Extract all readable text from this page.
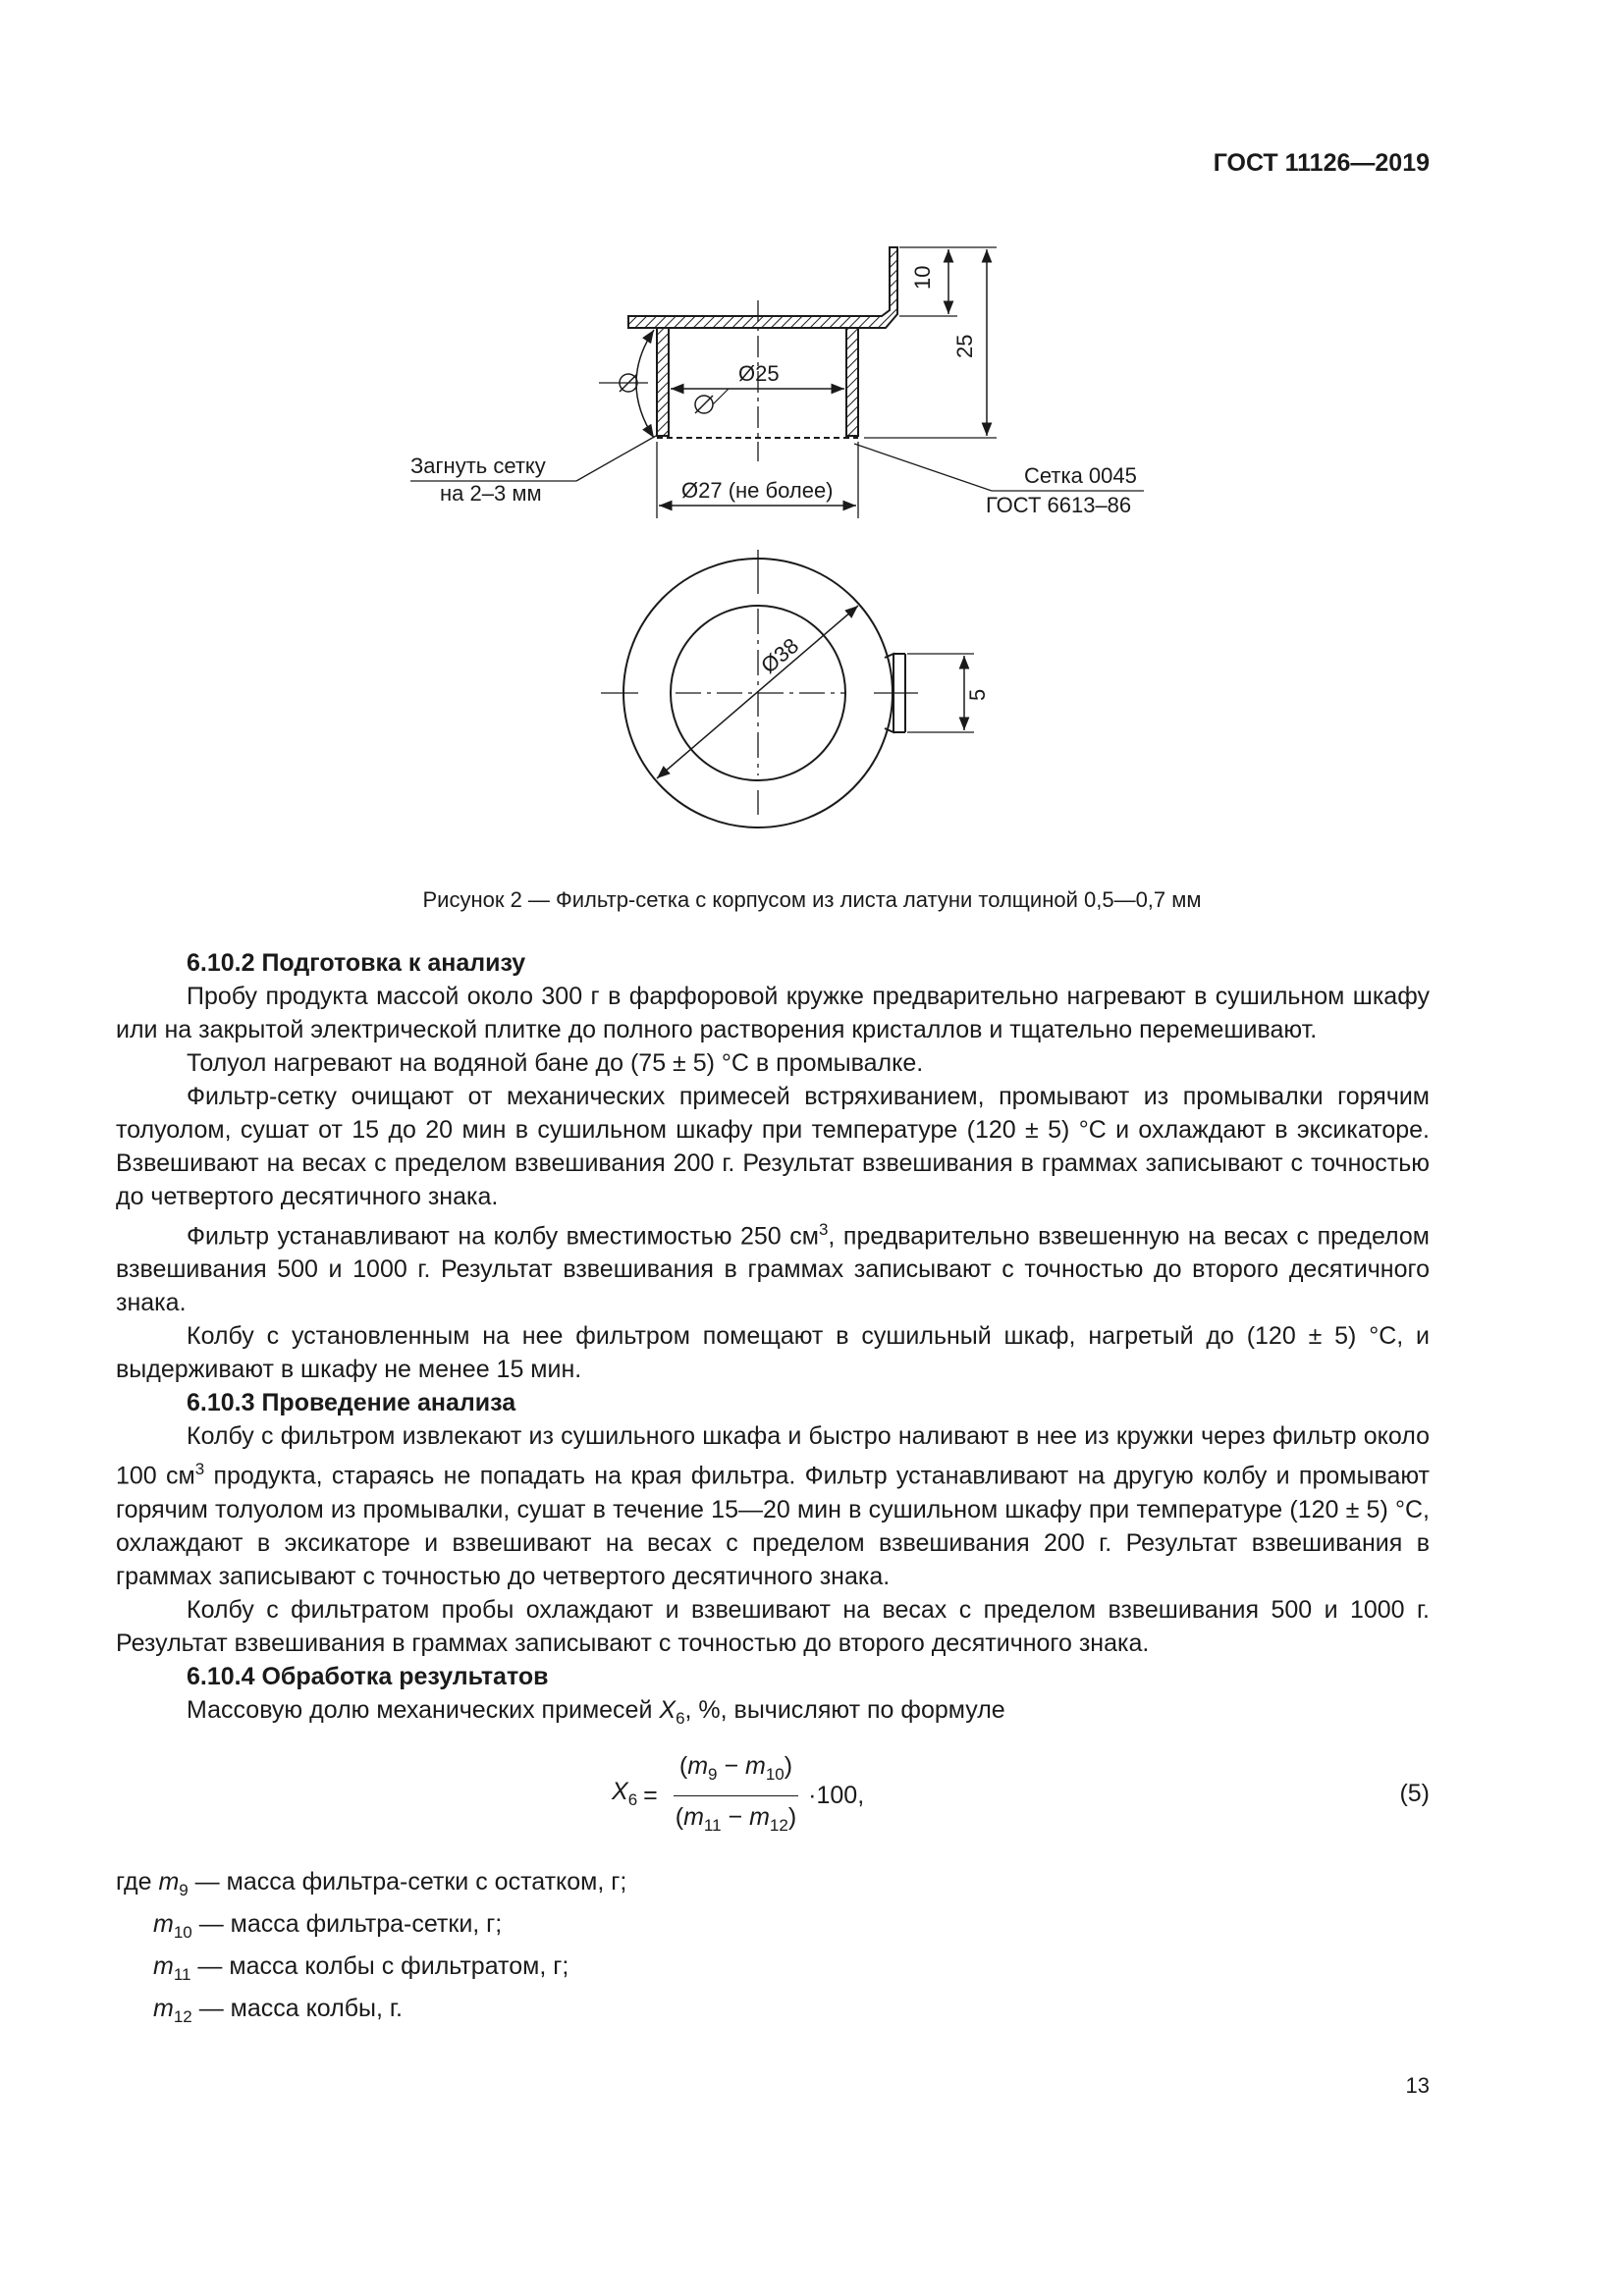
ГОСТ 11126—2019
10
25
Ø25
Ø27 (не более)
Ø38
5
Загнуть сетку
на 2–3 мм
Сетка 0045
ГОСТ 6613–86
Рисунок 2 — Фильтр-сетка с корпусом из листа латуни толщиной 0,5—0,7 мм
6.10.2 Подготовка к анализу

Пробу продукта массой около 300 г в фарфоровой кружке предварительно нагревают в сушильном шкафу или на закрытой электрической плитке до полного растворения кристаллов и тщательно перемешивают.

Толуол нагревают на водяной бане до (75 ± 5) °С в промывалке.

Фильтр-сетку очищают от механических примесей встряхиванием, промывают из промывалки горячим толуолом, сушат от 15 до 20 мин в сушильном шкафу при температуре (120 ± 5) °С и охлаждают в эксикаторе. Взвешивают на весах с пределом взвешивания 200 г. Результат взвешивания в граммах записывают с точностью до четвертого десятичного знака.

Фильтр устанавливают на колбу вместимостью 250 $см^3$, предварительно взвешенную на весах с пределом взвешивания 500 и 1000 г. Результат взвешивания в граммах записывают с точностью до второго десятичного знака.

Колбу с установленным на нее фильтром помещают в сушильный шкаф, нагретый до (120 ± 5) °С, и выдерживают в шкафу не менее 15 мин.

6.10.3 Проведение анализа

Колбу с фильтром извлекают из сушильного шкафа и быстро наливают в нее из кружки через фильтр около 100 $см^3$ продукта, стараясь не попадать на края фильтра. Фильтр устанавливают на другую колбу и промывают горячим толуолом из промывалки, сушат в течение 15—20 мин в сушильном шкафу при температуре (120 ± 5) °С, охлаждают в эксикаторе и взвешивают на весах с пределом взвешивания 200 г. Результат взвешивания в граммах записывают с точностью до четвертого десятичного знака.

Колбу с фильтратом пробы охлаждают и взвешивают на весах с пределом взвешивания 500 и 1000 г. Результат взвешивания в граммах записывают с точностью до второго десятичного знака.

6.10.4 Обработка результатов

Массовую долю механических примесей $X_6$, %, вычисляют по формуле

$X_6 = \frac{(m_9 - m_{10})}{(m_{11} - m_{12})} \cdot 100$,	(5)
где $m_9$ — масса фильтра-сетки с остатком, г;
$m_{10}$ — масса фильтра-сетки, г;
$m_{11}$ — масса колбы с фильтратом, г;
$m_{12}$ — масса колбы, г.
13
